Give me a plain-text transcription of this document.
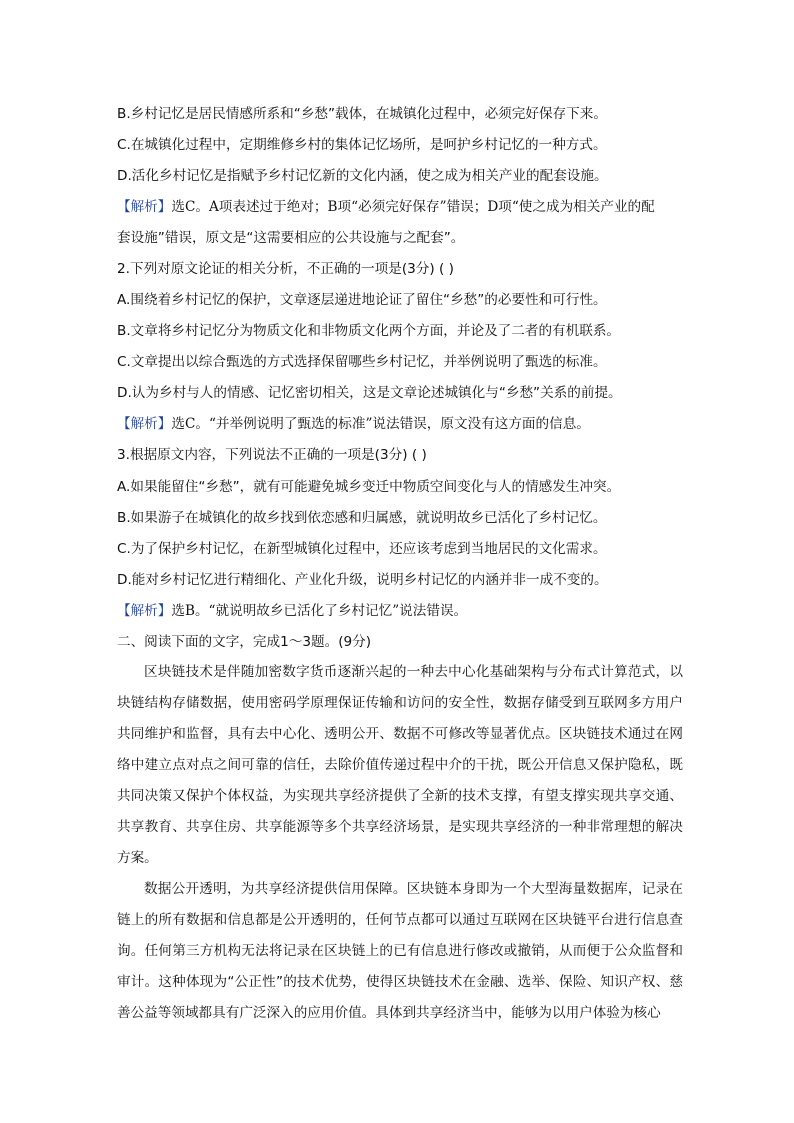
B.乡村记忆是居民情感所系和“乡愁”载体，在城镇化过程中，必须完好保存下来。
C.在城镇化过程中，定期维修乡村的集体记忆场所，是呵护乡村记忆的一种方式。
D.活化乡村记忆是指赋予乡村记忆新的文化内涵，使之成为相关产业的配套设施。
【解析】选C。A项表述过于绝对；B项“必须完好保存”错误；D项“使之成为相关产业的配
套设施”错误，原文是“这需要相应的公共设施与之配套”。
2.下列对原文论证的相关分析，不正确的一项是(3分) ( )
A.围绕着乡村记忆的保护，文章逐层递进地论证了留住“乡愁”的必要性和可行性。
B.文章将乡村记忆分为物质文化和非物质文化两个方面，并论及了二者的有机联系。
C.文章提出以综合甄选的方式选择保留哪些乡村记忆，并举例说明了甄选的标准。
D.认为乡村与人的情感、记忆密切相关，这是文章论述城镇化与“乡愁”关系的前提。
【解析】选C。“并举例说明了甄选的标准”说法错误，原文没有这方面的信息。
3.根据原文内容，下列说法不正确的一项是(3分) ( )
A.如果能留住“乡愁”，就有可能避免城乡变迁中物质空间变化与人的情感发生冲突。
B.如果游子在城镇化的故乡找到依恋感和归属感，就说明故乡已活化了乡村记忆。
C.为了保护乡村记忆，在新型城镇化过程中，还应该考虑到当地居民的文化需求。
D.能对乡村记忆进行精细化、产业化升级，说明乡村记忆的内涵并非一成不变的。
【解析】选B。“就说明故乡已活化了乡村记忆”说法错误。
二、阅读下面的文字，完成1～3题。(9分)

区块链技术是伴随加密数字货币逐渐兴起的一种去中心化基础架构与分布式计算范式，以块链结构存储数据，使用密码学原理保证传输和访问的安全性，数据存储受到互联网多方用户共同维护和监督，具有去中心化、透明公开、数据不可修改等显著优点。区块链技术通过在网络中建立点对点之间可靠的信任，去除价值传递过程中介的干扰，既公开信息又保护隐私，既共同决策又保护个体权益，为实现共享经济提供了全新的技术支撑，有望支撑实现共享交通、共享教育、共享住房、共享能源等多个共享经济场景，是实现共享经济的一种非常理想的解决方案。

数据公开透明，为共享经济提供信用保障。区块链本身即为一个大型海量数据库，记录在链上的所有数据和信息都是公开透明的，任何节点都可以通过互联网在区块链平台进行信息查询。任何第三方机构无法将记录在区块链上的已有信息进行修改或撤销，从而便于公众监督和审计。这种体现为“公正性”的技术优势，使得区块链技术在金融、选举、保险、知识产权、慈善公益等领域都具有广泛深入的应用价值。具体到共享经济当中，能够为以用户体验为核心
